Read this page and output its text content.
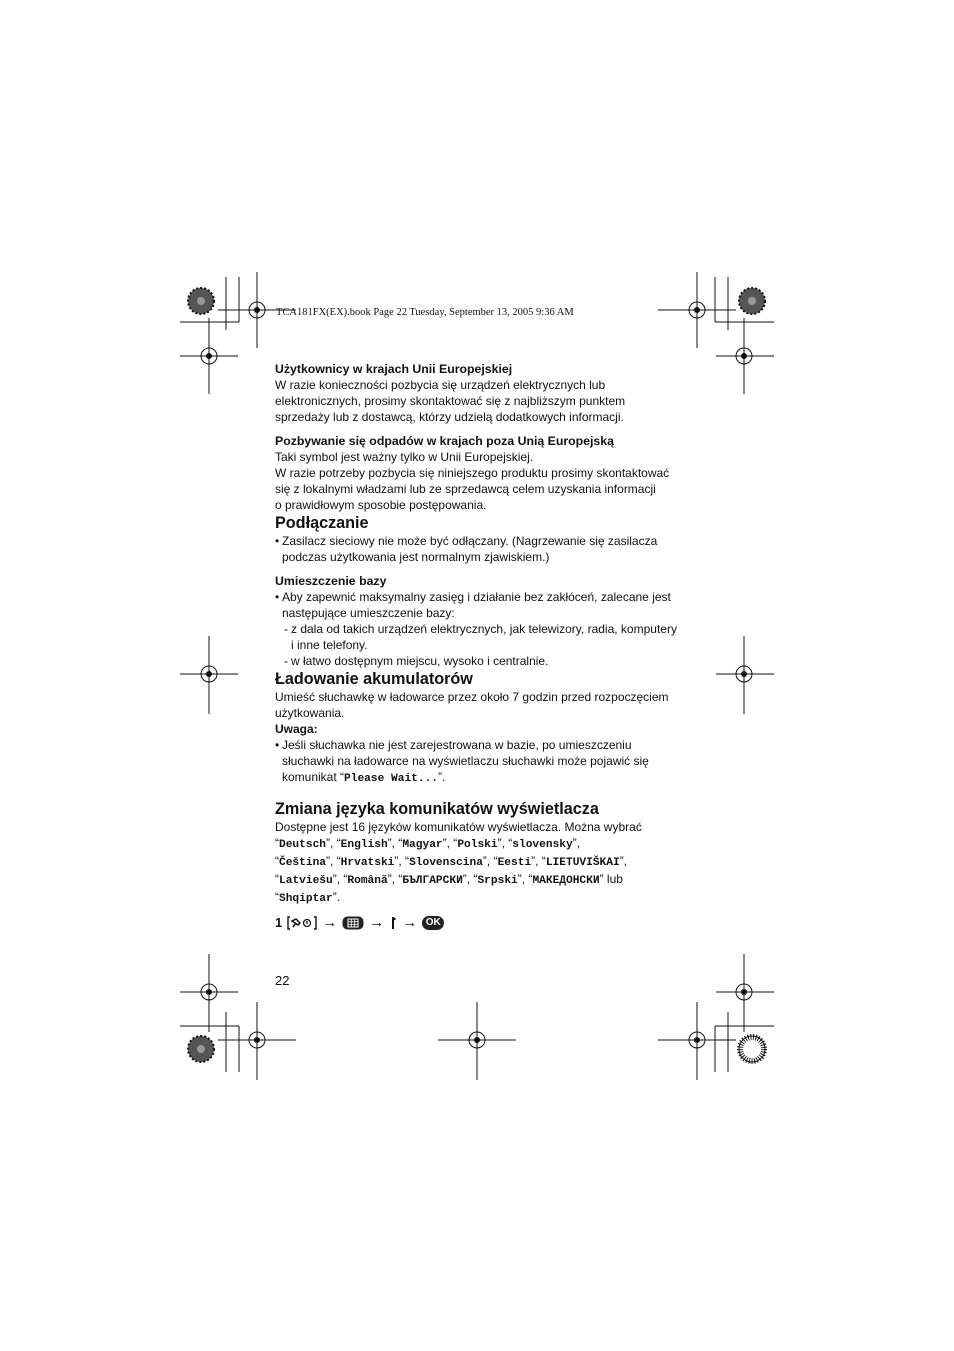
TCA181FX(EX).book Page 22 Tuesday, September 13, 2005 9:36 AM

Użytkownicy w krajach Unii Europejskiej

W razie konieczności pozbycia się urządzeń elektrycznych lub

elektronicznych, prosimy skontaktować się z najbliższym punktem

sprzedaży lub z dostawcą, którzy udzielą dodatkowych informacji.

Pozbywanie się odpadów w krajach poza Unią Europejską

Taki symbol jest ważny tylko w Unii Europejskiej.

W razie potrzeby pozbycia się niniejszego produktu prosimy skontaktować

się z lokalnymi władzami lub ze sprzedawcą celem uzyskania informacji

o prawidłowym sposobie postępowania.

Podłączanie

• Zasilacz sieciowy nie może być odłączany. (Nagrzewanie się zasilacza

podczas użytkowania jest normalnym zjawiskiem.)

Umieszczenie bazy

• Aby zapewnić maksymalny zasięg i działanie bez zakłóceń, zalecane jest

następujące umieszczenie bazy:

- z dala od takich urządzeń elektrycznych, jak telewizory, radia, komputery

i inne telefony.

- w łatwo dostępnym miejscu, wysoko i centralnie.

Ładowanie akumulatorów

Umieść słuchawkę w ładowarce przez około 7 godzin przed rozpoczęciem

użytkowania.

Uwaga:

• Jeśli słuchawka nie jest zarejestrowana w bazie, po umieszczeniu

słuchawki na ładowarce na wyświetlaczu słuchawki może pojawić się

komunikat “Please Wait...”.

Zmiana języka komunikatów wyświetlacza

Dostępne jest 16 języków komunikatów wyświetlacza. Można wybrać

“Deutsch”, “English”, “Magyar”, “Polski”, “slovensky”,

“Čeština”, “Hrvatski”, “Slovenscina”, “Eesti”, “LIETUVIŠKAI”,

“Latviešu”, “Română”, “БЪЛГАРСКИ”, “Srpski”, “МАКЕДОНСКИ” lub

“Shqiptar”.

1	→ → → OK
22
